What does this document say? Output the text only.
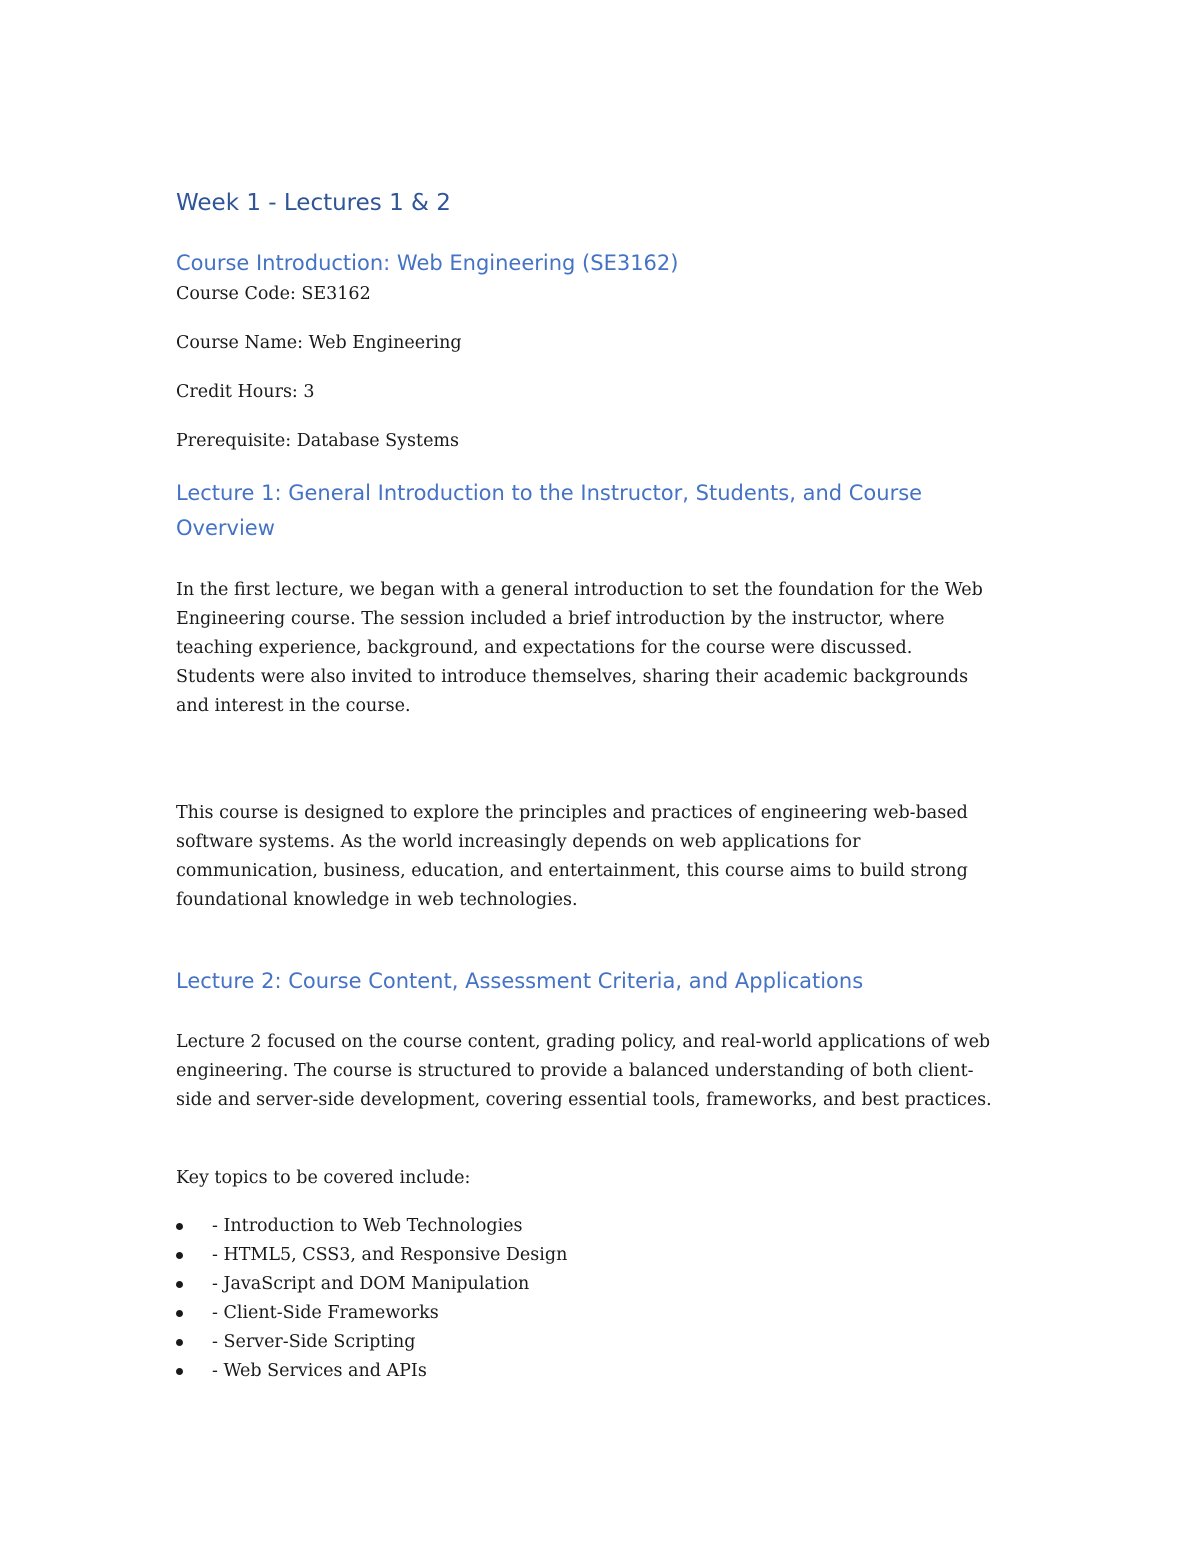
Week 1 - Lectures 1 & 2
Course Introduction: Web Engineering (SE3162)

Course Code: SE3162

Course Name: Web Engineering

Credit Hours: 3

Prerequisite: Database Systems

Lecture 1: General Introduction to the Instructor, Students, and Course
Overview
In the first lecture, we began with a general introduction to set the foundation for the Web
Engineering course. The session included a brief introduction by the instructor, where
teaching experience, background, and expectations for the course were discussed.
Students were also invited to introduce themselves, sharing their academic backgrounds
and interest in the course.
This course is designed to explore the principles and practices of engineering web-based
software systems. As the world increasingly depends on web applications for
communication, business, education, and entertainment, this course aims to build strong
foundational knowledge in web technologies.
Lecture 2: Course Content, Assessment Criteria, and Applications
Lecture 2 focused on the course content, grading policy, and real-world applications of web
engineering. The course is structured to provide a balanced understanding of both client-
side and server-side development, covering essential tools, frameworks, and best practices.

Key topics to be covered include:

- Introduction to Web Technologies
- HTML5, CSS3, and Responsive Design
- JavaScript and DOM Manipulation
- Client-Side Frameworks
- Server-Side Scripting
- Web Services and APIs
